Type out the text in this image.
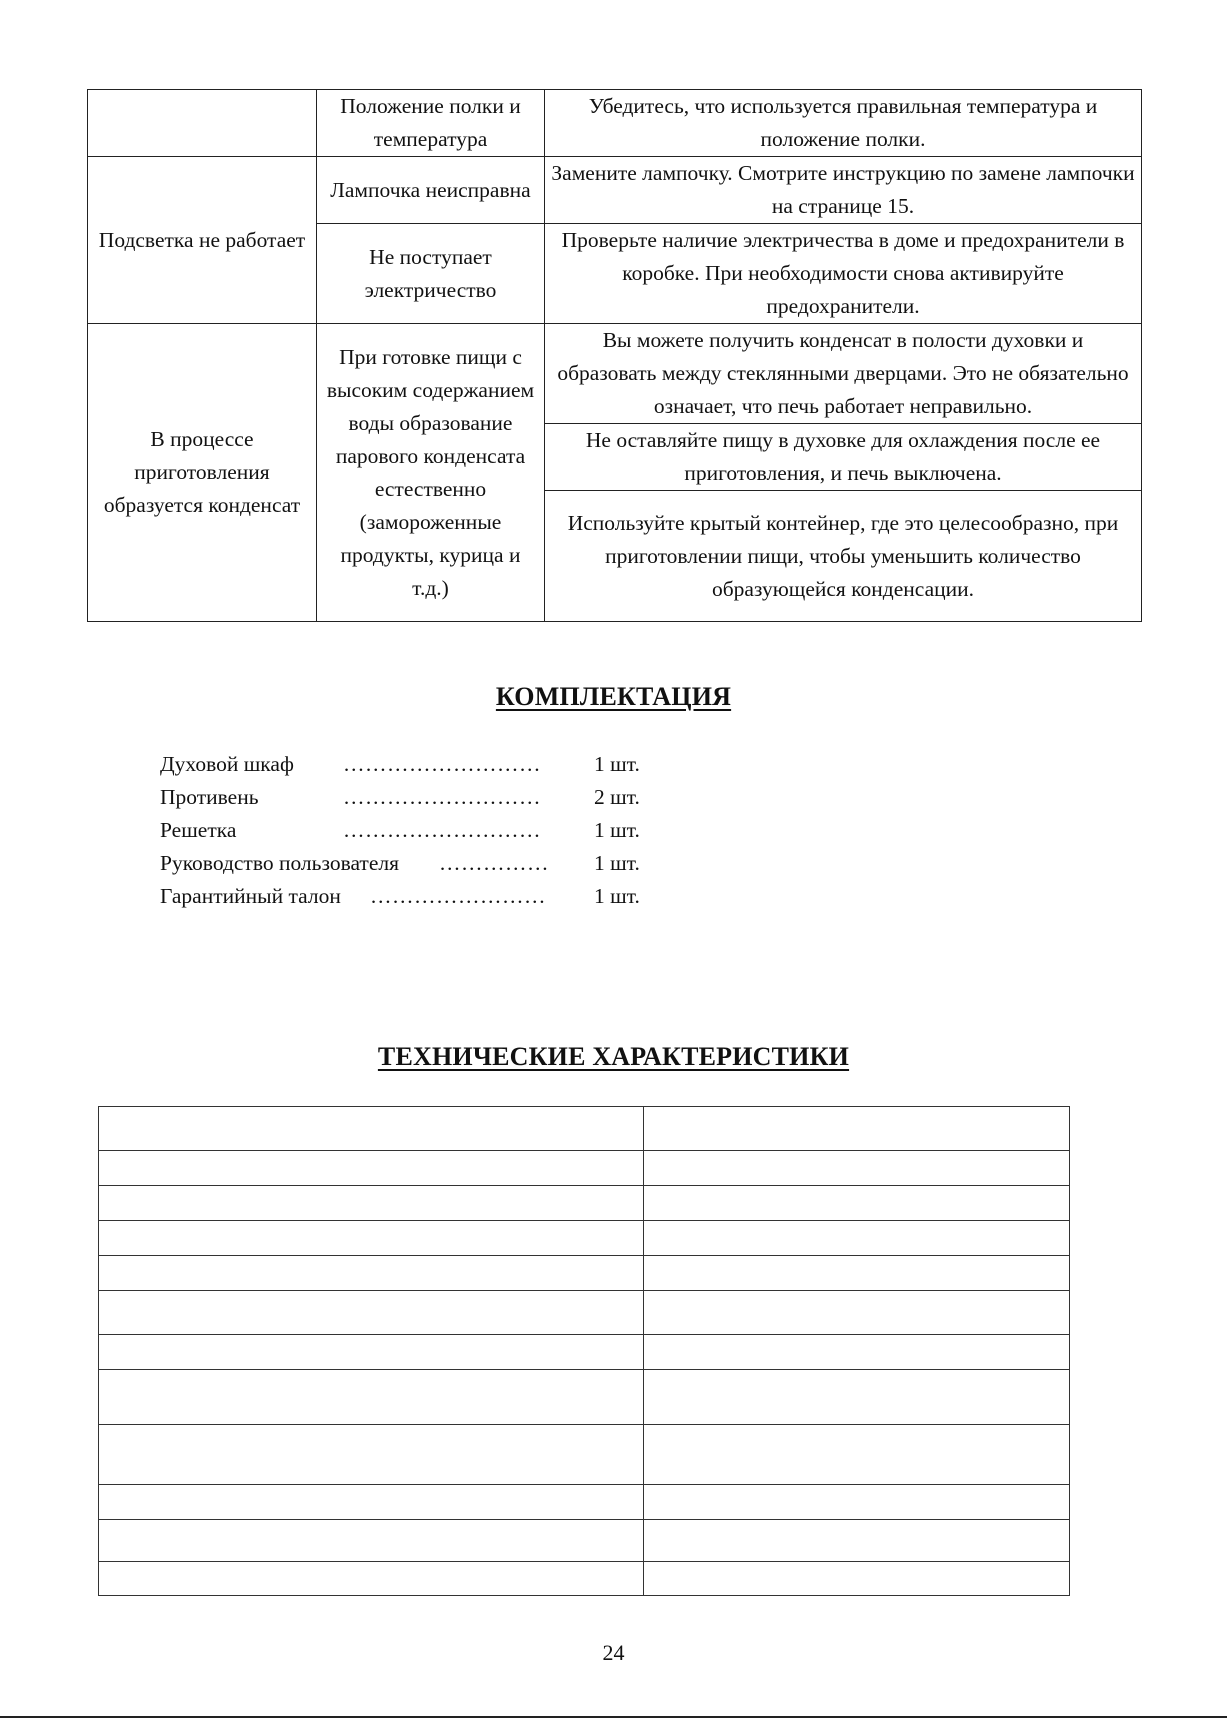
	Положение полки и температура	Убедитесь, что используется правильная температура и положение полки.
Подсветка не работает	Лампочка неисправна	Замените лампочку. Смотрите инструкцию по замене лампочки на странице 15.
	Не поступает электричество	Проверьте наличие электричества в доме и предохранители в коробке. При необходимости снова активируйте предохранители.
В процессе приготовления образуется конденсат	При готовке пищи с высоким содержанием воды образование парового конденсата естественно (замороженные продукты, курица и т.д.)	Вы можете получить конденсат в полости духовки и образовать между стеклянными дверцами. Это не обязательно означает, что печь работает неправильно.
		Не оставляйте пищу в духовке для охлаждения после ее приготовления, и печь выключена.
		Используйте крытый контейнер, где это целесообразно, при приготовлении пищи, чтобы уменьшить количество образующейся конденсации.
КОМПЛЕКТАЦИЯ
Духовой шкаф ……………………… 1 шт.
Противень	……………………… 2 шт.
Решетка	……………………… 1 шт.
Руководство пользователя …………… 1 шт.
Гарантийный талон …………………… 1 шт.
ТЕХНИЧЕСКИЕ ХАРАКТЕРИСТИКИ

24
